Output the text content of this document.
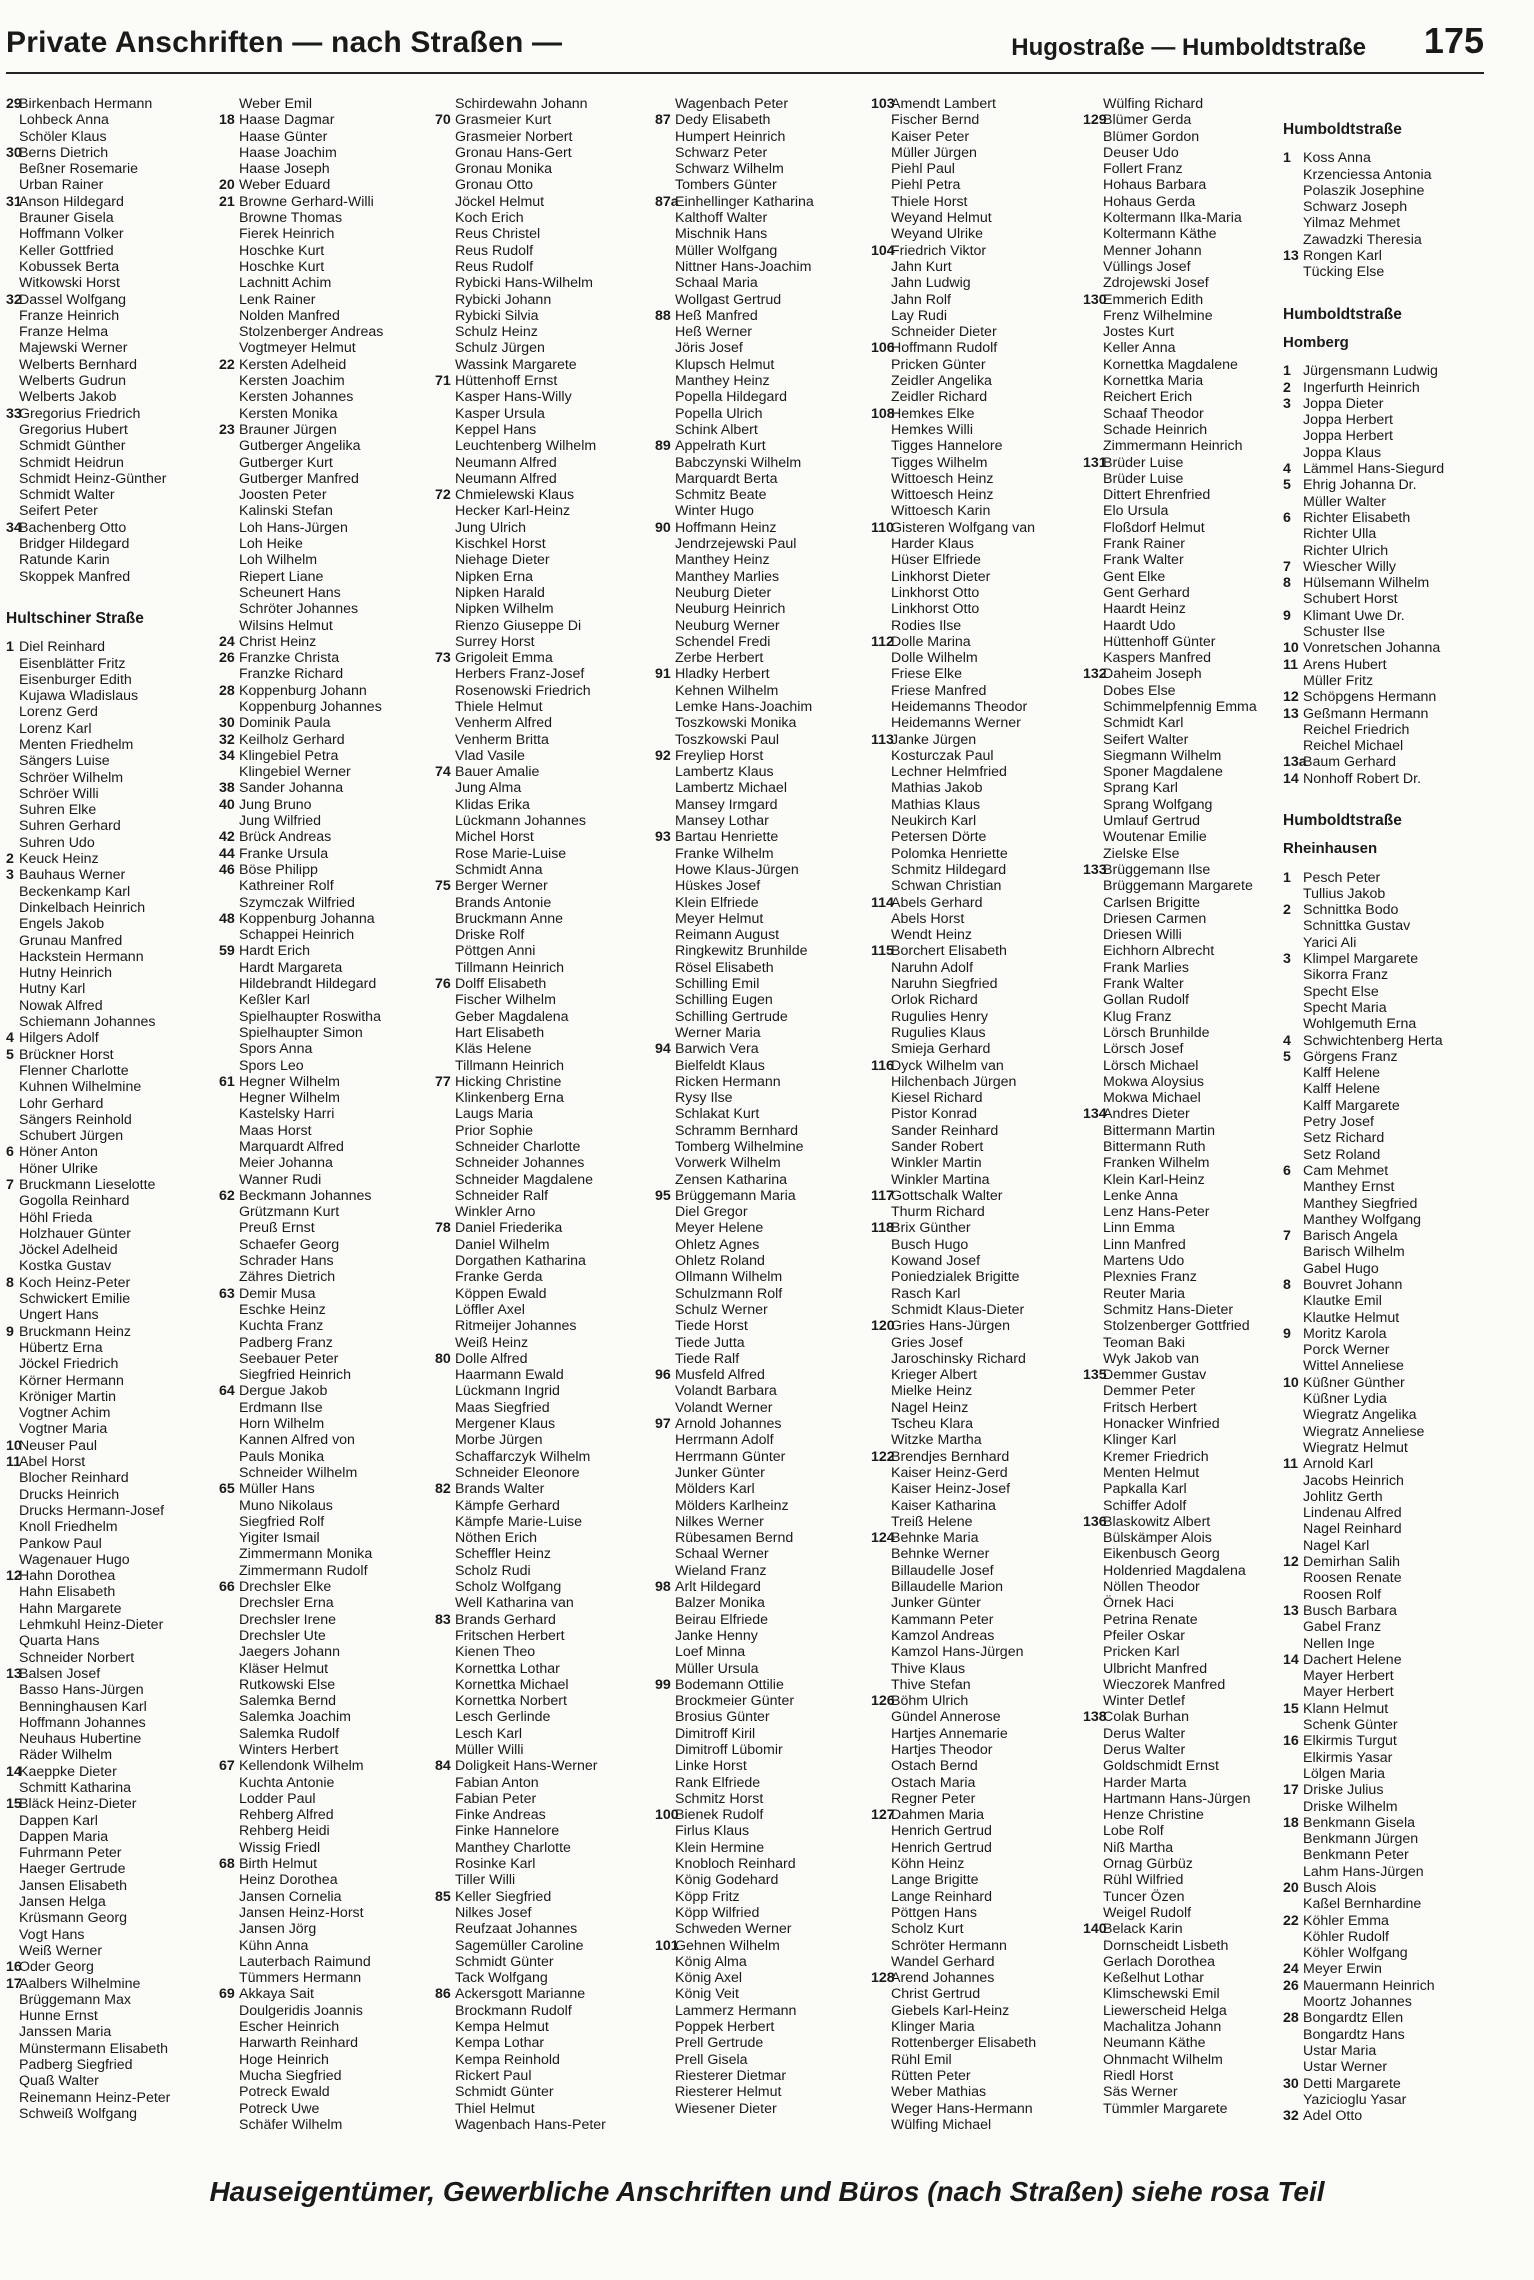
Private Anschriften — nach Straßen —	Hugostraße — Humboldtstraße 175
29
Birkenbach Hermann
Lohbeck Anna
Schöler Klaus
30
Berns Dietrich
Beßner Rosemarie
Urban Rainer
31
Anson Hildegard
Brauner Gisela
Hoffmann Volker
Keller Gottfried
Kobussek Berta
Witkowski Horst
32
Dassel Wolfgang
Franze Heinrich
Franze Helma
Majewski Werner
Welberts Bernhard
Welberts Gudrun
Welberts Jakob
33
Gregorius Friedrich
Gregorius Hubert
Schmidt Günther
Schmidt Heidrun
Schmidt Heinz-Günther
Schmidt Walter
Seifert Peter
34
Bachenberg Otto
Bridger Hildegard
Ratunde Karin
Skoppek Manfred
Hultschiner Straße
1 Diel Reinhard
Eisenblätter Fritz
Eisenburger Edith
Kujawa Wladislaus
Lorenz Gerd
Lorenz Karl
Menten Friedhelm
Sängers Luise
Schröer Wilhelm
Schröer Willi
Suhren Elke
Suhren Gerhard
Suhren Udo
2 Keuck Heinz
3 Bauhaus Werner
Beckenkamp Karl
Dinkelbach Heinrich
Engels Jakob
Grunau Manfred
Hackstein Hermann
Hutny Heinrich
Hutny Karl
Nowak Alfred
Schiemann Johannes
4 Hilgers Adolf
5 Brückner Horst
Flenner Charlotte
Kuhnen Wilhelmine
Lohr Gerhard
Sängers Reinhold
Schubert Jürgen
6 Höner Anton
Höner Ulrike
7 Bruckmann Lieselotte
Gogolla Reinhard
Höhl Frieda
Holzhauer Günter
Jöckel Adelheid
Kostka Gustav
8 Koch Heinz-Peter
Schwickert Emilie
Ungert Hans
9 Bruckmann Heinz
Hübertz Erna
Jöckel Friedrich
Körner Hermann
Kröniger Martin
Vogtner Achim
Vogtner Maria
10
Neuser Paul
11
Abel Horst
Blocher Reinhard
Drucks Heinrich
Drucks Hermann-Josef
Knoll Friedhelm
Pankow Paul
Wagenauer Hugo
12
Hahn Dorothea
Hahn Elisabeth
Hahn Margarete
Lehmkuhl Heinz-Dieter
Quarta Hans
Schneider Norbert
13
Balsen Josef
Basso Hans-Jürgen
Benninghausen Karl
Hoffmann Johannes
Neuhaus Hubertine
Räder Wilhelm
14
Kaeppke Dieter
Schmitt Katharina
15
Bläck Heinz-Dieter
Dappen Karl
Dappen Maria
Fuhrmann Peter
Haeger Gertrude
Jansen Elisabeth
Jansen Helga
Krüsmann Georg
Vogt Hans
Weiß Werner
16
Oder Georg
17
Aalbers Wilhelmine
Brüggemann Max
Hunne Ernst
Janssen Maria
Münstermann Elisabeth
Padberg Siegfried
Quaß Walter
Reinemann Heinz-Peter
Schweiß Wolfgang
Weber Emil
18 Haase Dagmar
Haase Günter
Haase Joachim
Haase Joseph
20 Weber Eduard
21 Browne Gerhard-Willi
Browne Thomas
Fierek Heinrich
Hoschke Kurt
Hoschke Kurt
Lachnitt Achim
Lenk Rainer
Nolden Manfred
Stolzenberger Andreas
Vogtmeyer Helmut
22 Kersten Adelheid
Kersten Joachim
Kersten Johannes
Kersten Monika
23 Brauner Jürgen
Gutberger Angelika
Gutberger Kurt
Gutberger Manfred
Joosten Peter
Kalinski Stefan
Loh Hans-Jürgen
Loh Heike
Loh Wilhelm
Riepert Liane
Scheunert Hans
Schröter Johannes
Wilsins Helmut
24 Christ Heinz
26 Franzke Christa
Franzke Richard
28 Koppenburg Johann
Koppenburg Johannes
30 Dominik Paula
32 Keilholz Gerhard
34 Klingebiel Petra
Klingebiel Werner
38 Sander Johanna
40 Jung Bruno
Jung Wilfried
42 Brück Andreas
44 Franke Ursula
46 Böse Philipp
Kathreiner Rolf
Szymczak Wilfried
48 Koppenburg Johanna
Schappei Heinrich
59 Hardt Erich
Hardt Margareta
Hildebrandt Hildegard
Keßler Karl
Spielhaupter Roswitha
Spielhaupter Simon
Spors Anna
Spors Leo
61 Hegner Wilhelm
Hegner Wilhelm
Kastelsky Harri
Maas Horst
Marquardt Alfred
Meier Johanna
Wanner Rudi
62 Beckmann Johannes
Grützmann Kurt
Preuß Ernst
Schaefer Georg
Schrader Hans
Zähres Dietrich
63 Demir Musa
Eschke Heinz
Kuchta Franz
Padberg Franz
Seebauer Peter
Siegfried Heinrich
64 Dergue Jakob
Erdmann Ilse
Horn Wilhelm
Kannen Alfred von
Pauls Monika
Schneider Wilhelm
65 Müller Hans
Muno Nikolaus
Siegfried Rolf
Yigiter Ismail
Zimmermann Monika
Zimmermann Rudolf
66 Drechsler Elke
Drechsler Erna
Drechsler Irene
Drechsler Ute
Jaegers Johann
Kläser Helmut
Rutkowski Else
Salemka Bernd
Salemka Joachim
Salemka Rudolf
Winters Herbert
67 Kellendonk Wilhelm
Kuchta Antonie
Lodder Paul
Rehberg Alfred
Rehberg Heidi
Wissig Friedl
68 Birth Helmut
Heinz Dorothea
Jansen Cornelia
Jansen Heinz-Horst
Jansen Jörg
Kühn Anna
Lauterbach Raimund
Tümmers Hermann
69 Akkaya Sait
Doulgeridis Joannis
Escher Heinrich
Harwarth Reinhard
Hoge Heinrich
Mucha Siegfried
Potreck Ewald
Potreck Uwe
Schäfer Wilhelm
Schirdewahn Johann
70 Grasmeier Kurt
Grasmeier Norbert
Gronau Hans-Gert
Gronau Monika
Gronau Otto
Jöckel Helmut
Koch Erich
Reus Christel
Reus Rudolf
Reus Rudolf
Rybicki Hans-Wilhelm
Rybicki Johann
Rybicki Silvia
Schulz Heinz
Schulz Jürgen
Wassink Margarete
71 Hüttenhoff Ernst
Kasper Hans-Willy
Kasper Ursula
Keppel Hans
Leuchtenberg Wilhelm
Neumann Alfred
Neumann Alfred
72 Chmielewski Klaus
Hecker Karl-Heinz
Jung Ulrich
Kischkel Horst
Niehage Dieter
Nipken Erna
Nipken Harald
Nipken Wilhelm
Rienzo Giuseppe Di
Surrey Horst
73 Grigoleit Emma
Herbers Franz-Josef
Rosenowski Friedrich
Thiele Helmut
Venherm Alfred
Venherm Britta
Vlad Vasile
74 Bauer Amalie
Jung Alma
Klidas Erika
Lückmann Johannes
Michel Horst
Rose Marie-Luise
Schmidt Anna
75 Berger Werner
Brands Antonie
Bruckmann Anne
Driske Rolf
Pöttgen Anni
Tillmann Heinrich
76 Dolff Elisabeth
Fischer Wilhelm
Geber Magdalena
Hart Elisabeth
Kläs Helene
Tillmann Heinrich
77 Hicking Christine
Klinkenberg Erna
Laugs Maria
Prior Sophie
Schneider Charlotte
Schneider Johannes
Schneider Magdalene
Schneider Ralf
Winkler Arno
78 Daniel Friederika
Daniel Wilhelm
Dorgathen Katharina
Franke Gerda
Köppen Ewald
Löffler Axel
Ritmeijer Johannes
Weiß Heinz
80 Dolle Alfred
Haarmann Ewald
Lückmann Ingrid
Maas Siegfried
Mergener Klaus
Morbe Jürgen
Schaffarczyk Wilhelm
Schneider Eleonore
82 Brands Walter
Kämpfe Gerhard
Kämpfe Marie-Luise
Nöthen Erich
Scheffler Heinz
Scholz Rudi
Scholz Wolfgang
Well Katharina van
83 Brands Gerhard
Fritschen Herbert
Kienen Theo
Kornettka Lothar
Kornettka Michael
Kornettka Norbert
Lesch Gerlinde
Lesch Karl
Müller Willi
84 Doligkeit Hans-Werner
Fabian Anton
Fabian Peter
Finke Andreas
Finke Hannelore
Manthey Charlotte
Rosinke Karl
Tiller Willi
85 Keller Siegfried
Nilkes Josef
Reufzaat Johannes
Sagemüller Caroline
Schmidt Günter
Tack Wolfgang
86 Ackersgott Marianne
Brockmann Rudolf
Kempa Helmut
Kempa Lothar
Kempa Reinhold
Rickert Paul
Schmidt Günter
Thiel Helmut
Wagenbach Hans-Peter
Wagenbach Peter
87 Dedy Elisabeth
Humpert Heinrich
Schwarz Peter
Schwarz Wilhelm
Tombers Günter
87a
Einhellinger Katharina
Kalthoff Walter
Mischnik Hans
Müller Wolfgang
Nittner Hans-Joachim
Schaal Maria
Wollgast Gertrud
88 Heß Manfred
Heß Werner
Jöris Josef
Klupsch Helmut
Manthey Heinz
Popella Hildegard
Popella Ulrich
Schink Albert
89 Appelrath Kurt
Babczynski Wilhelm
Marquardt Berta
Schmitz Beate
Winter Hugo
90 Hoffmann Heinz
Jendrzejewski Paul
Manthey Heinz
Manthey Marlies
Neuburg Dieter
Neuburg Heinrich
Neuburg Werner
Schendel Fredi
Zerbe Herbert
91 Hladky Herbert
Kehnen Wilhelm
Lemke Hans-Joachim
Toszkowski Monika
Toszkowski Paul
92 Freyliep Horst
Lambertz Klaus
Lambertz Michael
Mansey Irmgard
Mansey Lothar
93 Bartau Henriette
Franke Wilhelm
Howe Klaus-Jürgen
Hüskes Josef
Klein Elfriede
Meyer Helmut
Reimann August
Ringkewitz Brunhilde
Rösel Elisabeth
Schilling Emil
Schilling Eugen
Schilling Gertrude
Werner Maria
94 Barwich Vera
Bielfeldt Klaus
Ricken Hermann
Rysy Ilse
Schlakat Kurt
Schramm Bernhard
Tomberg Wilhelmine
Vorwerk Wilhelm
Zensen Katharina
95 Brüggemann Maria
Diel Gregor
Meyer Helene
Ohletz Agnes
Ohletz Roland
Ollmann Wilhelm
Schulzmann Rolf
Schulz Werner
Tiede Horst
Tiede Jutta
Tiede Ralf
96 Musfeld Alfred
Volandt Barbara
Volandt Werner
97 Arnold Johannes
Herrmann Adolf
Herrmann Günter
Junker Günter
Mölders Karl
Mölders Karlheinz
Nilkes Werner
Rübesamen Bernd
Schaal Werner
Wieland Franz
98 Arlt Hildegard
Balzer Monika
Beirau Elfriede
Janke Henny
Loef Minna
Müller Ursula
99 Bodemann Ottilie
Brockmeier Günter
Brosius Günter
Dimitroff Kiril
Dimitroff Lübomir
Linke Horst
Rank Elfriede
Schmitz Horst
100
Bienek Rudolf
Firlus Klaus
Klein Hermine
Knobloch Reinhard
König Godehard
Köpp Fritz
Köpp Wilfried
Schweden Werner
101
Gehnen Wilhelm
König Alma
König Axel
König Veit
Lammerz Hermann
Poppek Herbert
Prell Gertrude
Prell Gisela
Riesterer Dietmar
Riesterer Helmut
Wiesener Dieter
103
Amendt Lambert
Fischer Bernd
Kaiser Peter
Müller Jürgen
Piehl Paul
Piehl Petra
Thiele Horst
Weyand Helmut
Weyand Ulrike
104
Friedrich Viktor
Jahn Kurt
Jahn Ludwig
Jahn Rolf
Lay Rudi
Schneider Dieter
106
Hoffmann Rudolf
Pricken Günter
Zeidler Angelika
Zeidler Richard
108
Hemkes Elke
Hemkes Willi
Tigges Hannelore
Tigges Wilhelm
Wittoesch Heinz
Wittoesch Heinz
Wittoesch Karin
110
Gisteren Wolfgang van
Harder Klaus
Hüser Elfriede
Linkhorst Dieter
Linkhorst Otto
Linkhorst Otto
Rodies Ilse
112
Dolle Marina
Dolle Wilhelm
Friese Elke
Friese Manfred
Heidemanns Theodor
Heidemanns Werner
113
Janke Jürgen
Kosturczak Paul
Lechner Helmfried
Mathias Jakob
Mathias Klaus
Neukirch Karl
Petersen Dörte
Polomka Henriette
Schmitz Hildegard
Schwan Christian
114
Abels Gerhard
Abels Horst
Wendt Heinz
115
Borchert Elisabeth
Naruhn Adolf
Naruhn Siegfried
Orlok Richard
Rugulies Henry
Rugulies Klaus
Smieja Gerhard
116
Dyck Wilhelm van
Hilchenbach Jürgen
Kiesel Richard
Pistor Konrad
Sander Reinhard
Sander Robert
Winkler Martin
Winkler Martina
117
Gottschalk Walter
Thurm Richard
118
Brix Günther
Busch Hugo
Kowand Josef
Poniedzialek Brigitte
Rasch Karl
Schmidt Klaus-Dieter
120
Gries Hans-Jürgen
Gries Josef
Jaroschinsky Richard
Krieger Albert
Mielke Heinz
Nagel Heinz
Tscheu Klara
Witzke Martha
122
Brendjes Bernhard
Kaiser Heinz-Gerd
Kaiser Heinz-Josef
Kaiser Katharina
Treiß Helene
124
Behnke Maria
Behnke Werner
Billaudelle Josef
Billaudelle Marion
Junker Günter
Kammann Peter
Kamzol Andreas
Kamzol Hans-Jürgen
Thive Klaus
Thive Stefan
126
Böhm Ulrich
Gündel Annerose
Hartjes Annemarie
Hartjes Theodor
Ostach Bernd
Ostach Maria
Regner Peter
127
Dahmen Maria
Henrich Gertrud
Henrich Gertrud
Köhn Heinz
Lange Brigitte
Lange Reinhard
Pöttgen Hans
Scholz Kurt
Schröter Hermann
Wandel Gerhard
128
Arend Johannes
Christ Gertrud
Giebels Karl-Heinz
Klinger Maria
Rottenberger Elisabeth
Rühl Emil
Rütten Peter
Weber Mathias
Weger Hans-Hermann
Wülfing Michael
Wülfing Richard
129
Blümer Gerda
Blümer Gordon
Deuser Udo
Follert Franz
Hohaus Barbara
Hohaus Gerda
Koltermann Ilka-Maria
Koltermann Käthe
Menner Johann
Vüllings Josef
Zdrojewski Josef
130
Emmerich Edith
Frenz Wilhelmine
Jostes Kurt
Keller Anna
Kornettka Magdalene
Kornettka Maria
Reichert Erich
Schaaf Theodor
Schade Heinrich
Zimmermann Heinrich
131
Brüder Luise
Brüder Luise
Dittert Ehrenfried
Elo Ursula
Floßdorf Helmut
Frank Rainer
Frank Walter
Gent Elke
Gent Gerhard
Haardt Heinz
Haardt Udo
Hüttenhoff Günter
Kaspers Manfred
132
Daheim Joseph
Dobes Else
Schimmelpfennig Emma
Schmidt Karl
Seifert Walter
Siegmann Wilhelm
Sponer Magdalene
Sprang Karl
Sprang Wolfgang
Umlauf Gertrud
Woutenar Emilie
Zielske Else
133
Brüggemann Ilse
Brüggemann Margarete
Carlsen Brigitte
Driesen Carmen
Driesen Willi
Eichhorn Albrecht
Frank Marlies
Frank Walter
Gollan Rudolf
Klug Franz
Lörsch Brunhilde
Lörsch Josef
Lörsch Michael
Mokwa Aloysius
Mokwa Michael
134
Andres Dieter
Bittermann Martin
Bittermann Ruth
Franken Wilhelm
Klein Karl-Heinz
Lenke Anna
Lenz Hans-Peter
Linn Emma
Linn Manfred
Martens Udo
Plexnies Franz
Reuter Maria
Schmitz Hans-Dieter
Stolzenberger Gottfried
Teoman Baki
Wyk Jakob van
135
Demmer Gustav
Demmer Peter
Fritsch Herbert
Honacker Winfried
Klinger Karl
Kremer Friedrich
Menten Helmut
Papkalla Karl
Schiffer Adolf
136
Blaskowitz Albert
Bülskämper Alois
Eikenbusch Georg
Holdenried Magdalena
Nöllen Theodor
Örnek Haci
Petrina Renate
Pfeiler Oskar
Pricken Karl
Ulbricht Manfred
Wieczorek Manfred
Winter Detlef
138
Colak Burhan
Derus Walter
Derus Walter
Goldschmidt Ernst
Harder Marta
Hartmann Hans-Jürgen
Henze Christine
Lobe Rolf
Niß Martha
Ornag Gürbüz
Rühl Wilfried
Tuncer Özen
Weigel Rudolf
140
Belack Karin
Dornscheidt Lisbeth
Gerlach Dorothea
Keßelhut Lothar
Klimschewski Emil
Liewerscheid Helga
Machalitza Johann
Neumann Käthe
Ohnmacht Wilhelm
Riedl Horst
Säs Werner
Tümmler Margarete
Humboldtstraße
1 Koss Anna
Krzenciessa Antonia
Polaszik Josephine
Schwarz Joseph
Yilmaz Mehmet
Zawadzki Theresia
13 Rongen Karl
Tücking Else
Humboldtstraße
Homberg
1 Jürgensmann Ludwig
2 Ingerfurth Heinrich
3 Joppa Dieter
Joppa Herbert
Joppa Herbert
Joppa Klaus
4 Lämmel Hans-Siegurd
5 Ehrig Johanna Dr.
Müller Walter
6 Richter Elisabeth
Richter Ulla
Richter Ulrich
7 Wiescher Willy
8 Hülsemann Wilhelm
Schubert Horst
9 Klimant Uwe Dr.
Schuster Ilse
10 Vonretschen Johanna
11 Arens Hubert
Müller Fritz
12 Schöpgens Hermann
13 Geßmann Hermann
Reichel Friedrich
Reichel Michael
13a
Baum Gerhard
14 Nonhoff Robert Dr.
Humboldtstraße
Rheinhausen
1 Pesch Peter
Tullius Jakob
2 Schnittka Bodo
Schnittka Gustav
Yarici Ali
3 Klimpel Margarete
Sikorra Franz
Specht Else
Specht Maria
Wohlgemuth Erna
4 Schwichtenberg Herta
5 Görgens Franz
Kalff Helene
Kalff Helene
Kalff Margarete
Petry Josef
Setz Richard
Setz Roland
6 Cam Mehmet
Manthey Ernst
Manthey Siegfried
Manthey Wolfgang
7 Barisch Angela
Barisch Wilhelm
Gabel Hugo
8 Bouvret Johann
Klautke Emil
Klautke Helmut
9 Moritz Karola
Porck Werner
Wittel Anneliese
10 Küßner Günther
Küßner Lydia
Wiegratz Angelika
Wiegratz Anneliese
Wiegratz Helmut
11 Arnold Karl
Jacobs Heinrich
Johlitz Gerth
Lindenau Alfred
Nagel Reinhard
Nagel Karl
12 Demirhan Salih
Roosen Renate
Roosen Rolf
13 Busch Barbara
Gabel Franz
Nellen Inge
14 Dachert Helene
Mayer Herbert
Mayer Herbert
15 Klann Helmut
Schenk Günter
16 Elkirmis Turgut
Elkirmis Yasar
Lölgen Maria
17 Driske Julius
Driske Wilhelm
18 Benkmann Gisela
Benkmann Jürgen
Benkmann Peter
Lahm Hans-Jürgen
20 Busch Alois
Kaßel Bernhardine
22 Köhler Emma
Köhler Rudolf
Köhler Wolfgang
24 Meyer Erwin
26 Mauermann Heinrich
Moortz Johannes
28 Bongardtz Ellen
Bongardtz Hans
Ustar Maria
Ustar Werner
30 Detti Margarete
Yazicioglu Yasar
32 Adel Otto
Hauseigentümer, Gewerbliche Anschriften und Büros (nach Straßen) siehe rosa Teil
